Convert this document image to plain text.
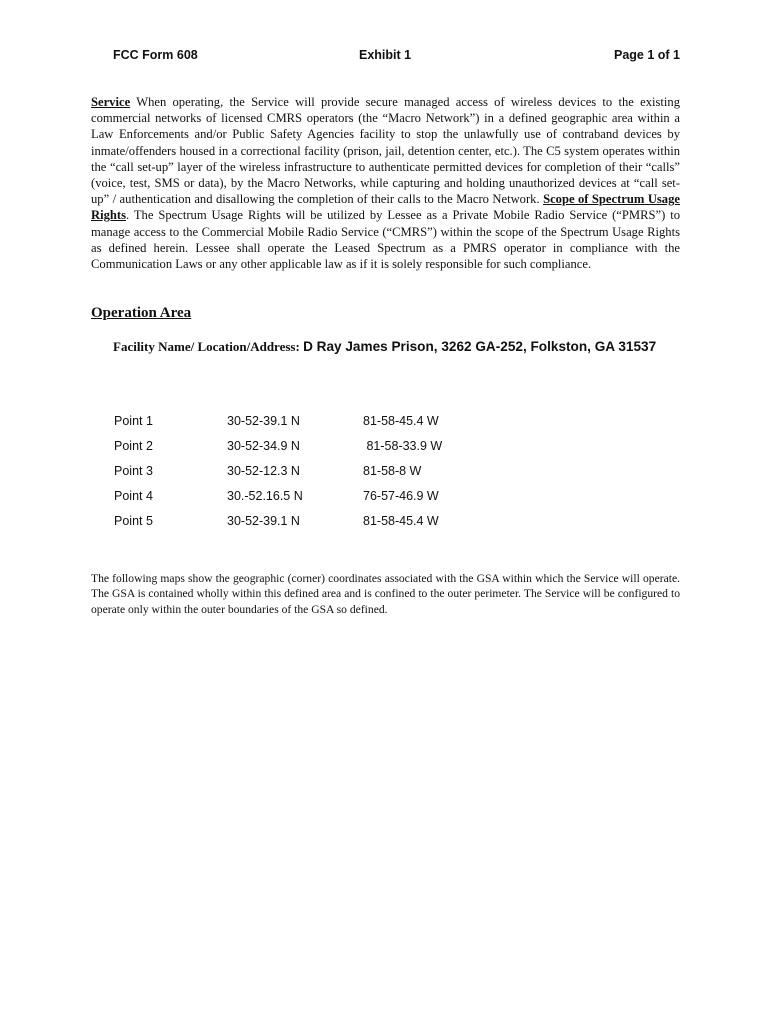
FCC Form 608	Exhibit 1	Page 1 of 1
Service When operating, the Service will provide secure managed access of wireless devices to the existing commercial networks of licensed CMRS operators (the “Macro Network”) in a defined geographic area within a Law Enforcements and/or Public Safety Agencies facility to stop the unlawfully use of contraband devices by inmate/offenders housed in a correctional facility (prison, jail, detention center, etc.). The C5 system operates within the “call set-up” layer of the wireless infrastructure to authenticate permitted devices for completion of their “calls” (voice, test, SMS or data), by the Macro Networks, while capturing and holding unauthorized devices at “call set-up” / authentication and disallowing the completion of their calls to the Macro Network. Scope of Spectrum Usage Rights. The Spectrum Usage Rights will be utilized by Lessee as a Private Mobile Radio Service (“PMRS”) to manage access to the Commercial Mobile Radio Service (“CMRS”) within the scope of the Spectrum Usage Rights as defined herein. Lessee shall operate the Leased Spectrum as a PMRS operator in compliance with the Communication Laws or any other applicable law as if it is solely responsible for such compliance.
Operation Area
Facility Name/ Location/Address: D Ray James Prison, 3262 GA-252, Folkston, GA 31537
Point 1	30-52-39.1 N	81-58-45.4 W
Point 2	30-52-34.9 N	81-58-33.9 W
Point 3	30-52-12.3 N	81-58-8 W
Point 4	30.-52.16.5 N	76-57-46.9 W
Point 5	30-52-39.1 N	81-58-45.4 W
The following maps show the geographic (corner) coordinates associated with the GSA within which the Service will operate. The GSA is contained wholly within this defined area and is confined to the outer perimeter. The Service will be configured to operate only within the outer boundaries of the GSA so defined.
